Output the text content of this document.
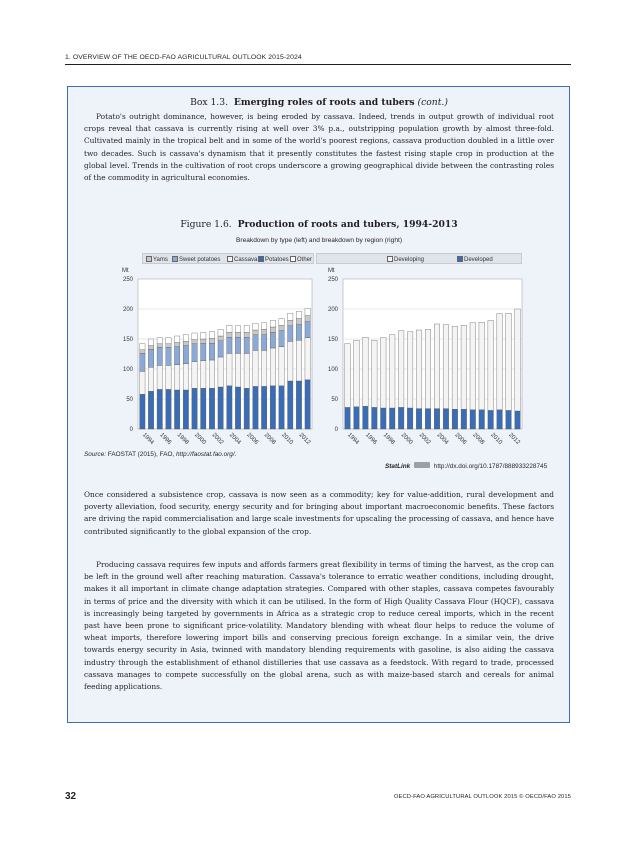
1. OVERVIEW OF THE OECD-FAO AGRICULTURAL OUTLOOK 2015-2024
Box 1.3. Emerging roles of roots and tubers (cont.)
Potato's outright dominance, however, is being eroded by cassava. Indeed, trends in output growth of individual root crops reveal that cassava is currently rising at well over 3% p.a., outstripping population growth by almost three-fold. Cultivated mainly in the tropical belt and in some of the world's poorest regions, cassava production doubled in a little over two decades. Such is cassava's dynamism that it presently constitutes the fastest rising staple crop in production at the global level. Trends in the cultivation of root crops underscore a growing geographical divide between the contrasting roles of the commodity in agricultural economies.
Figure 1.6. Production of roots and tubers, 1994-2013
Breakdown by type (left) and breakdown by region (right)
Yams	Sweet potatoes	Cassava	Potatoes	Other	Developing	Developed
0
50
100
150
200
250
Mt
1994 1996 1998 2000 2002 2004 2006 2008 2010 2012
0
50
100
150
200
250
Mt
1994 1996 1998 2000 2002 2004 2006 2008 2010 2012
Source: FAOSTAT (2015), FAO, http://faostat.fao.org/.
StatLink	http://dx.doi.org/10.1787/888933228745
Once considered a subsistence crop, cassava is now seen as a commodity; key for value-addition, rural development and poverty alleviation, food security, energy security and for bringing about important macroeconomic benefits. These factors are driving the rapid commercialisation and large scale investments for upscaling the processing of cassava, and hence have contributed significantly to the global expansion of the crop.
Producing cassava requires few inputs and affords farmers great flexibility in terms of timing the harvest, as the crop can be left in the ground well after reaching maturation. Cassava's tolerance to erratic weather conditions, including drought, makes it all important in climate change adaptation strategies. Compared with other staples, cassava competes favourably in terms of price and the diversity with which it can be utilised. In the form of High Quality Cassava Flour (HQCF), cassava is increasingly being targeted by governments in Africa as a strategic crop to reduce cereal imports, which in the recent past have been prone to significant price-volatility. Mandatory blending with wheat flour helps to reduce the volume of wheat imports, therefore lowering import bills and conserving precious foreign exchange. In a similar vein, the drive towards energy security in Asia, twinned with mandatory blending requirements with gasoline, is also aiding the cassava industry through the establishment of ethanol distilleries that use cassava as a feedstock. With regard to trade, processed cassava manages to compete successfully on the global arena, such as with maize-based starch and cereals for animal feeding applications.
32	OECD-FAO AGRICULTURAL OUTLOOK 2015 © OECD/FAO 2015
